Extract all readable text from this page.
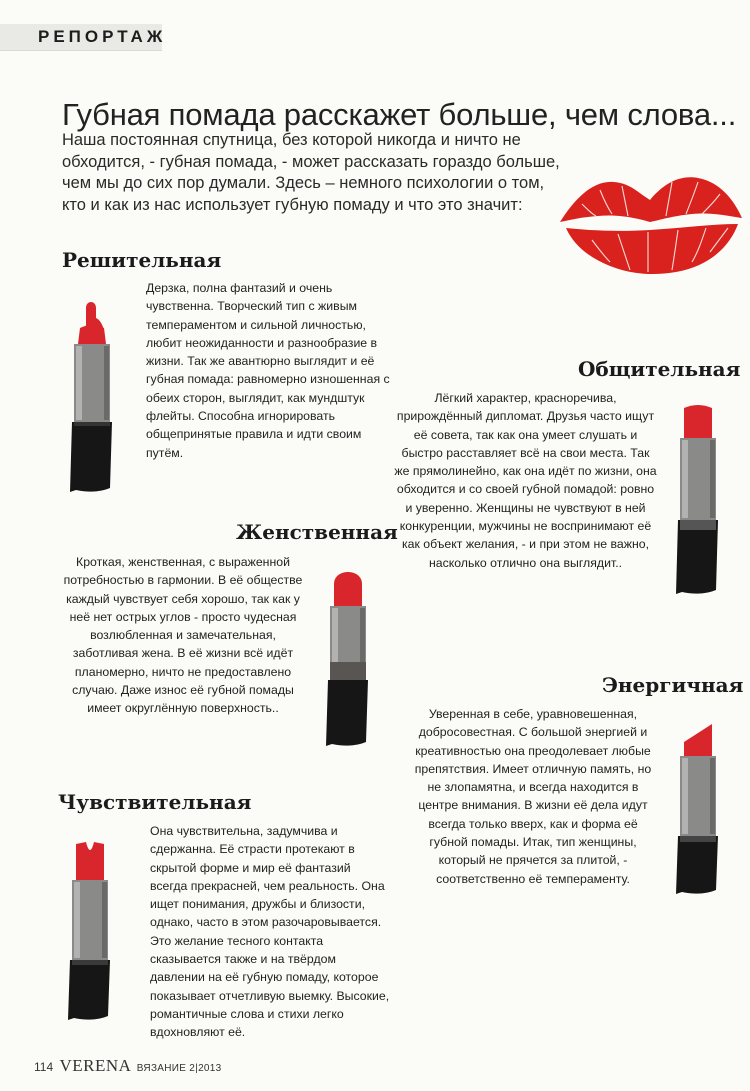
РЕПОРТАЖ
Губная помада расскажет больше, чем слова...

Наша постоянная спутница, без которой никогда и ничто не обходится, - губная помада, - может рассказать гораздо больше, чем мы до сих пор думали. Здесь – немного психологии о том, кто и как из нас использует губную помаду и что это значит:

Решительная

Дерзка, полна фантазий и очень чувственна. Творческий тип с живым темпераментом и сильной личностью, любит неожиданности и разнообразие в жизни. Так же авантюрно выглядит и её губная помада: равномерно изношенная с обеих сторон, выглядит, как мундштук флейты. Способна игнорировать общепринятые правила и идти своим путём.

Общительная

Лёгкий характер, красноречива, прирождённый дипломат. Друзья часто ищут её совета, так как она умеет слушать и быстро расставляет всё на свои места. Так же прямолинейно, как она идёт по жизни, она обходится и со своей губной помадой: ровно и уверенно. Женщины не чувствуют в ней конкуренции, мужчины не воспринимают её как объект желания, - и при этом не важно, насколько отлично она выглядит..

Женственная

Кроткая, женственная, с выраженной потребностью в гармонии. В её обществе каждый чувствует себя хорошо, так как у неё нет острых углов - просто чудесная возлюбленная и замечательная, заботливая жена. В её жизни всё идёт планомерно, ничто не предоставлено случаю. Даже износ её губной помады имеет округлённую поверхность..

Энергичная

Уверенная в себе, уравновешенная, добросовестная. С большой энергией и креативностью она преодолевает любые препятствия. Имеет отличную память, но не злопамятна, и всегда находится в центре внимания. В жизни её дела идут всегда только вверх, как и форма её губной помады. Итак, тип женщины, который не прячется за плитой, - соответственно её темпераменту.

Чувствительная

Она чувствительна, задумчива и сдержанна. Её страсти протекают в скрытой форме и мир её фантазий всегда прекрасней, чем реальность. Она ищет понимания, дружбы и близости, однако, часто в этом разочаровывается. Это желание тесного контакта сказывается также и на твёрдом давлении на её губную помаду, которое показывает отчетливую выемку. Высокие, романтичные слова и стихи легко вдохновляют её.

114 VERENA ВЯЗАНИЕ 2|2013
